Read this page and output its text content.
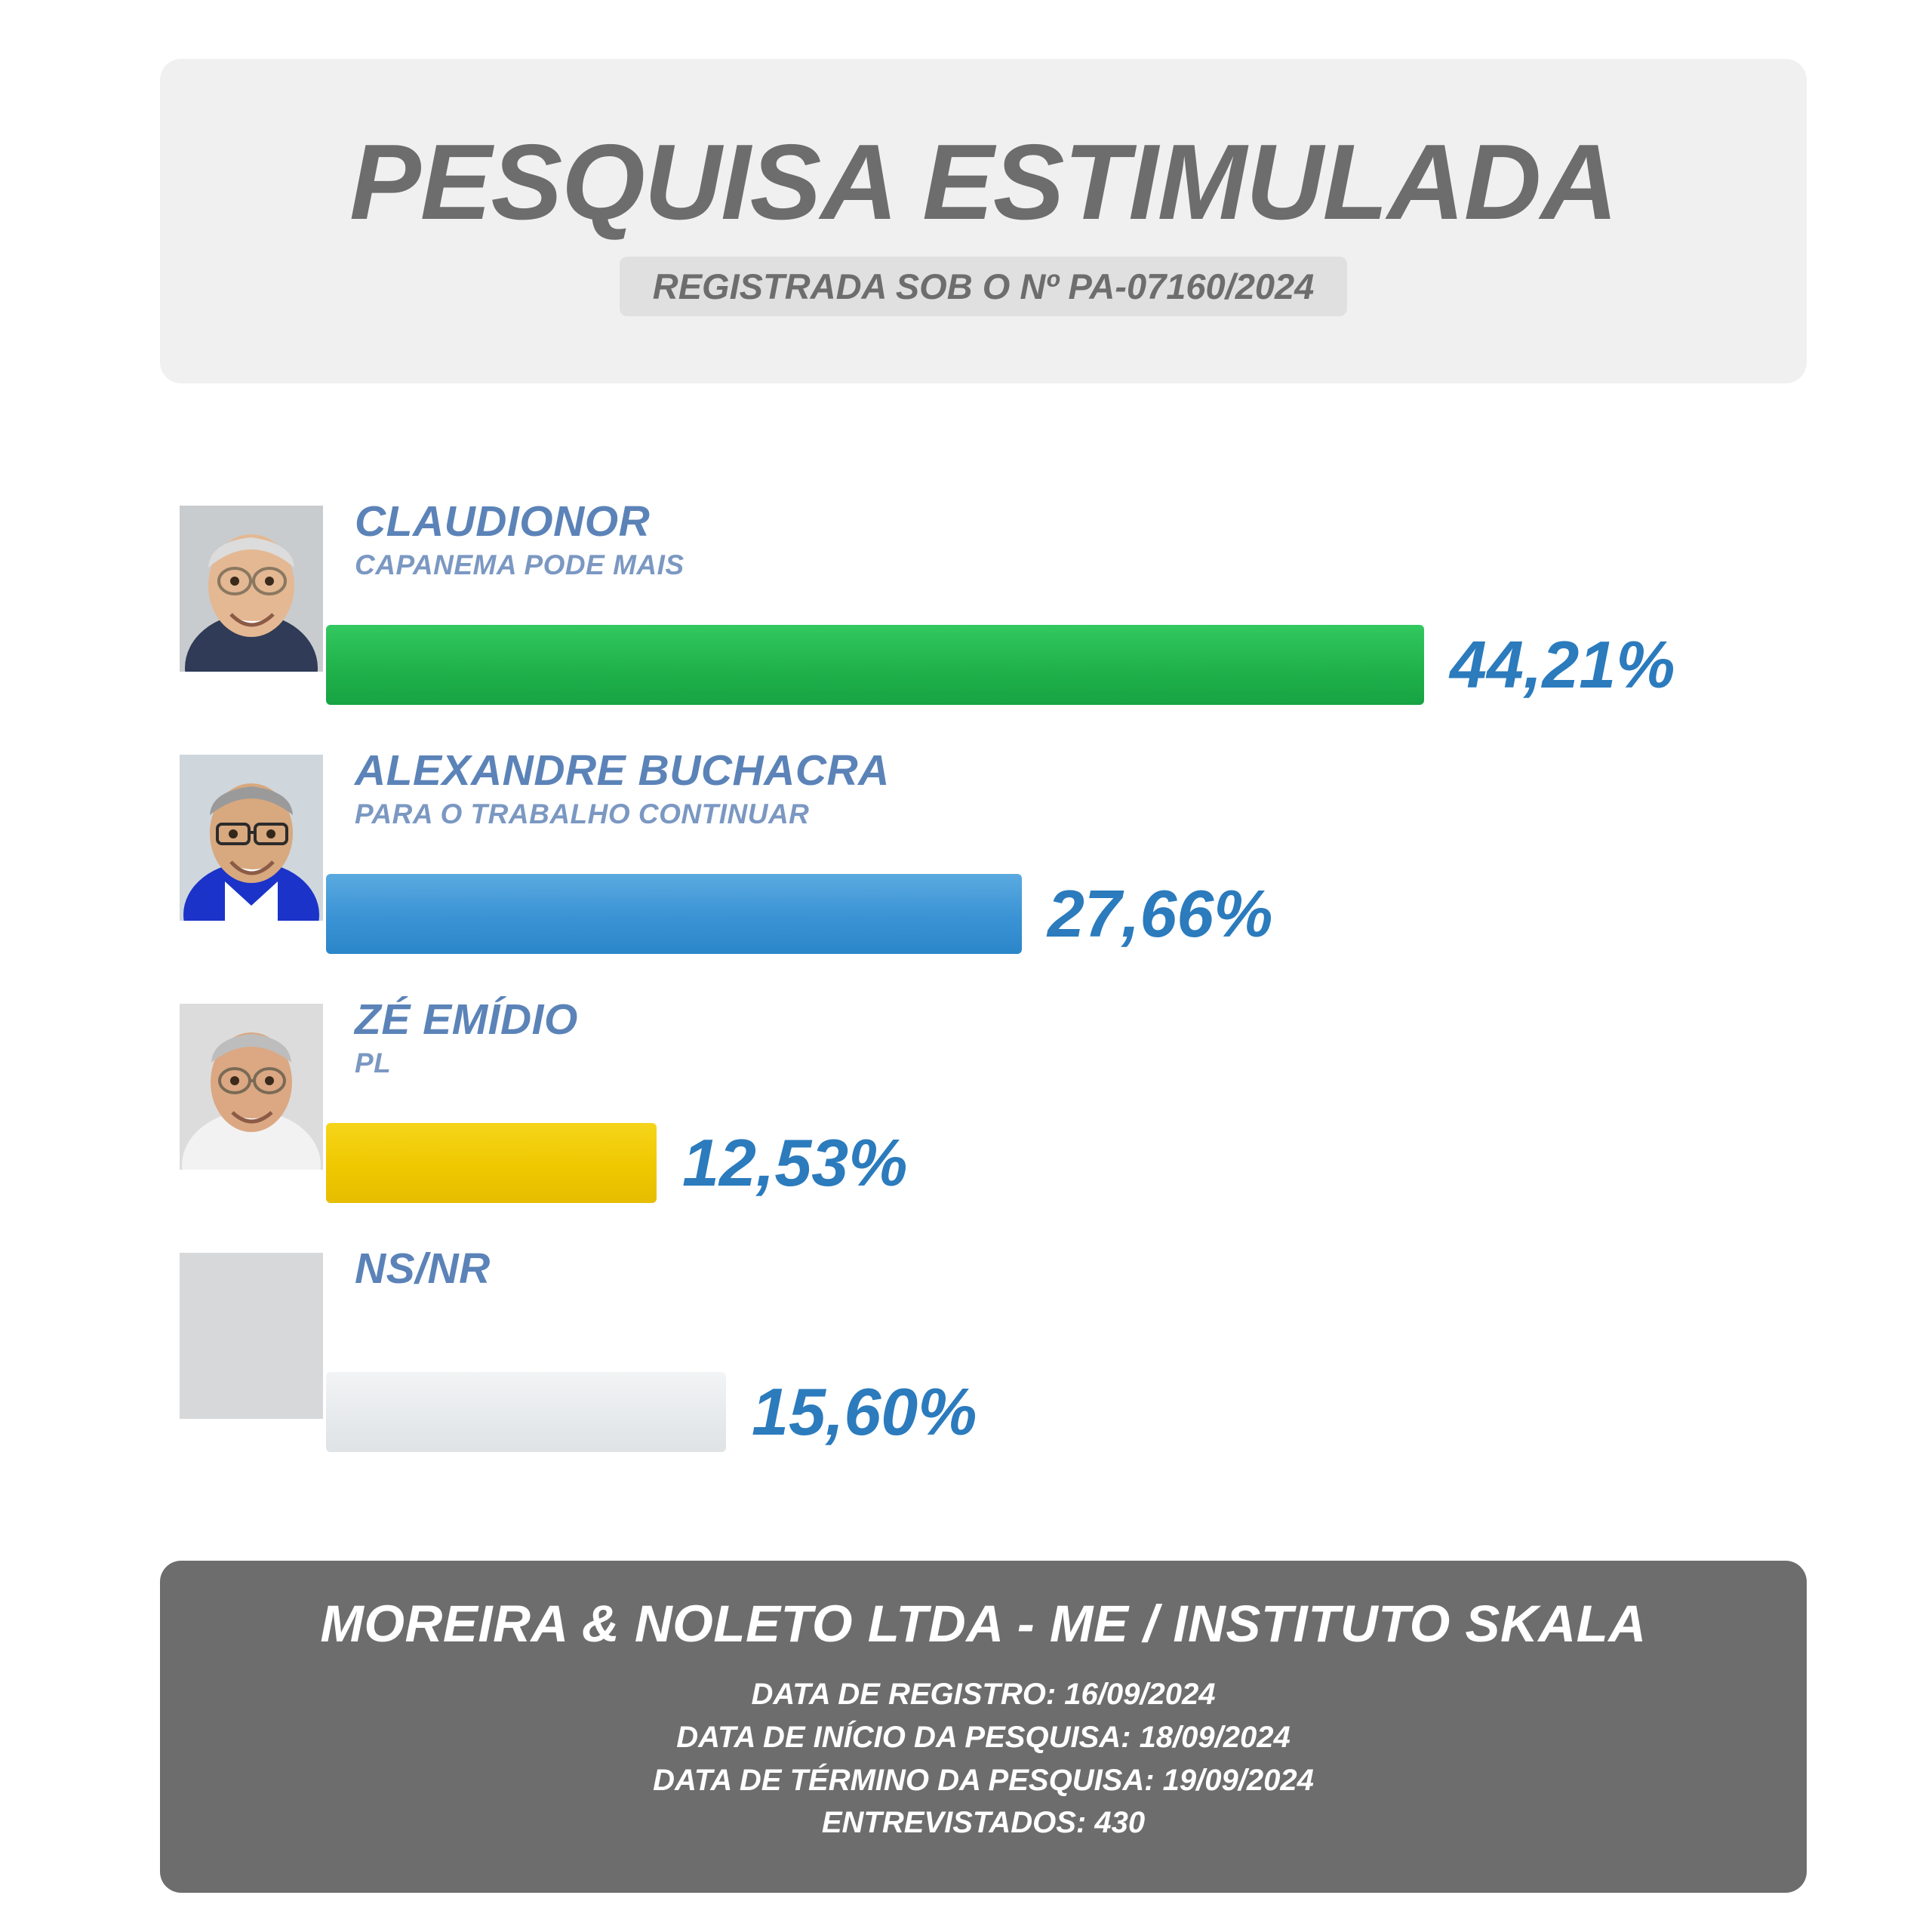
PESQUISA ESTIMULADA
REGISTRADA SOB O Nº PA-07160/2024
CLAUDIONOR
CAPANEMA PODE MAIS
44,21%
ALEXANDRE BUCHACRA
PARA O TRABALHO CONTINUAR
27,66%
ZÉ EMÍDIO
PL
12,53%
NS/NR
15,60%
MOREIRA & NOLETO LTDA - ME / INSTITUTO SKALA
DATA DE REGISTRO: 16/09/2024
DATA DE INÍCIO DA PESQUISA: 18/09/2024
DATA DE TÉRMINO DA PESQUISA: 19/09/2024
ENTREVISTADOS: 430
